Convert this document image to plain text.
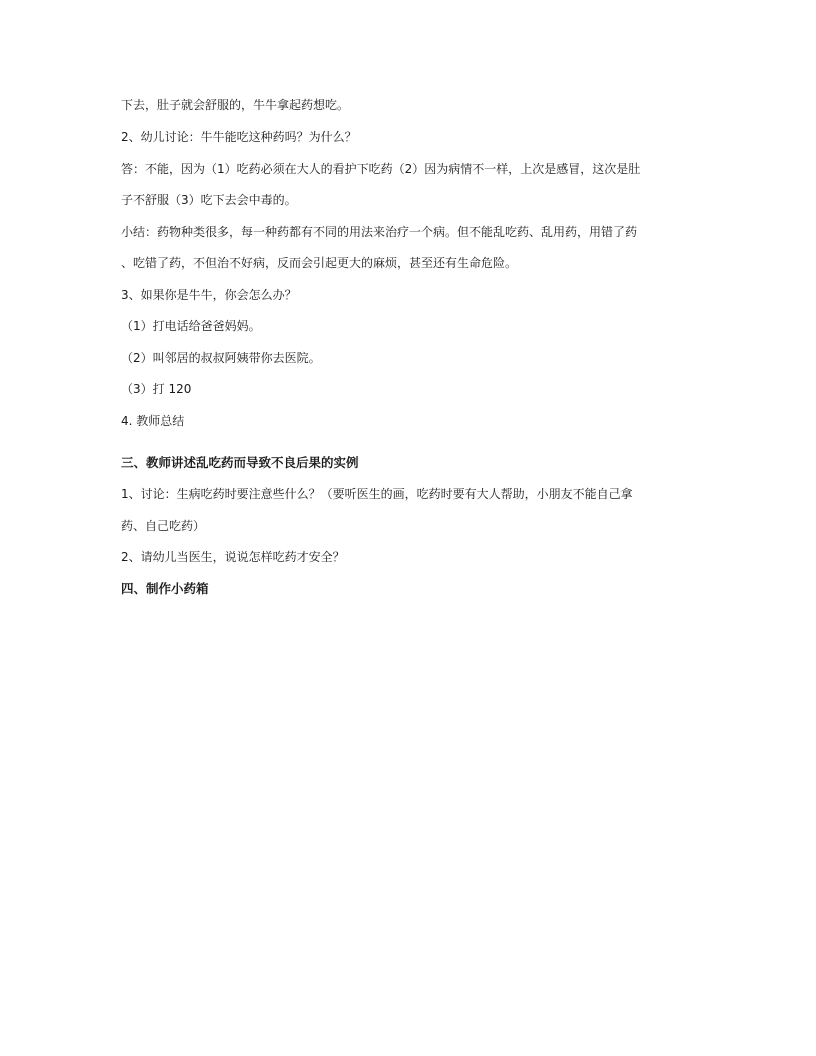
下去，肚子就会舒服的，牛牛拿起药想吃。
2、幼儿讨论：牛牛能吃这种药吗？为什么？
答：不能，因为（1）吃药必须在大人的看护下吃药（2）因为病情不一样，上次是感冒，这次是肚
子不舒服（3）吃下去会中毒的。
小结：药物种类很多，每一种药都有不同的用法来治疗一个病。但不能乱吃药、乱用药，用错了药
、吃错了药，不但治不好病，反而会引起更大的麻烦，甚至还有生命危险。
3、如果你是牛牛，你会怎么办？
（1）打电话给爸爸妈妈。
（2）叫邻居的叔叔阿姨带你去医院。
（3）打 120
4. 教师总结
三、教师讲述乱吃药而导致不良后果的实例
1、讨论：生病吃药时要注意些什么？（要听医生的画，吃药时要有大人帮助，小朋友不能自己拿
药、自己吃药）
2、请幼儿当医生，说说怎样吃药才安全？
四、制作小药箱
